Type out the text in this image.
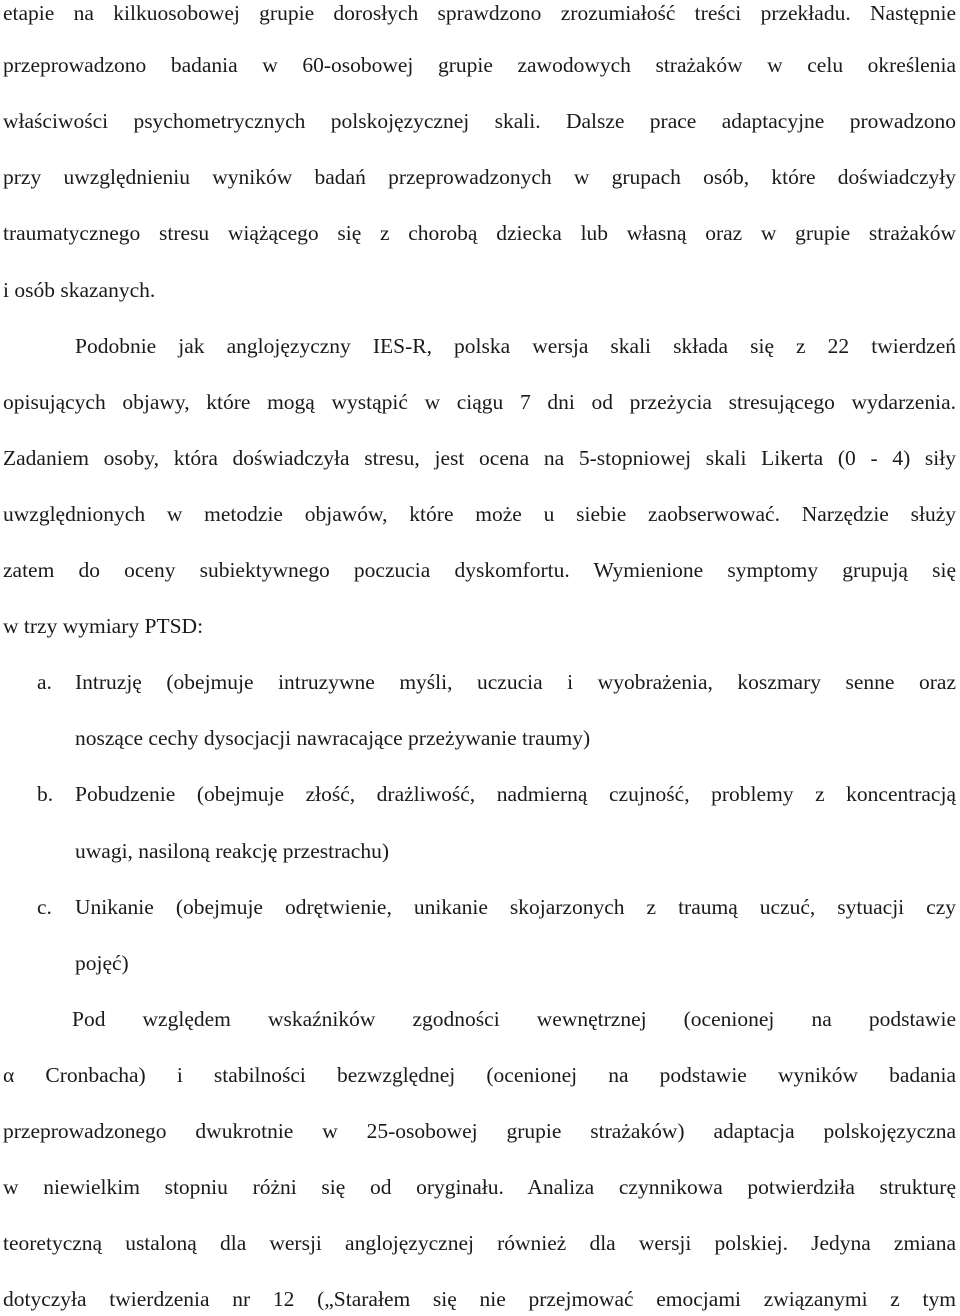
etapie na kilkuosobowej grupie dorosłych sprawdzono zrozumiałość treści przekładu. Następnie
przeprowadzono badania w 60-osobowej grupie zawodowych strażaków w celu określenia
właściwości psychometrycznych polskojęzycznej skali. Dalsze prace adaptacyjne prowadzono
przy uwzględnieniu wyników badań przeprowadzonych w grupach osób, które doświadczyły
traumatycznego stresu wiążącego się z chorobą dziecka lub własną oraz w grupie strażaków
i osób skazanych.
Podobnie jak anglojęzyczny IES-R, polska wersja skali składa się z 22 twierdzeń
opisujących objawy, które mogą wystąpić w ciągu 7 dni od przeżycia stresującego wydarzenia.
Zadaniem osoby, która doświadczyła stresu, jest ocena na 5-stopniowej skali Likerta (0 - 4) siły
uwzględnionych w metodzie objawów, które może u siebie zaobserwować. Narzędzie służy
zatem do oceny subiektywnego poczucia dyskomfortu. Wymienione symptomy grupują się
w trzy wymiary PTSD:
a.	Intruzję (obejmuje intruzywne myśli, uczucia i wyobrażenia, koszmary senne oraz
noszące cechy dysocjacji nawracające przeżywanie traumy)
b.	Pobudzenie (obejmuje złość, drażliwość, nadmierną czujność, problemy z koncentracją
uwagi, nasiloną reakcję przestrachu)
c.	Unikanie (obejmuje odrętwienie, unikanie skojarzonych z traumą uczuć, sytuacji czy
pojęć)
Pod względem wskaźników zgodności wewnętrznej (ocenionej na podstawie
α Cronbacha) i stabilności bezwzględnej (ocenionej na podstawie wyników badania
przeprowadzonego dwukrotnie w 25-osobowej grupie strażaków) adaptacja polskojęzyczna
w niewielkim stopniu różni się od oryginału. Analiza czynnikowa potwierdziła strukturę
teoretyczną ustaloną dla wersji anglojęzycznej również dla wersji polskiej. Jedyna zmiana
dotyczyła twierdzenia nr 12 („Starałem się nie przejmować emocjami związanymi z tym
